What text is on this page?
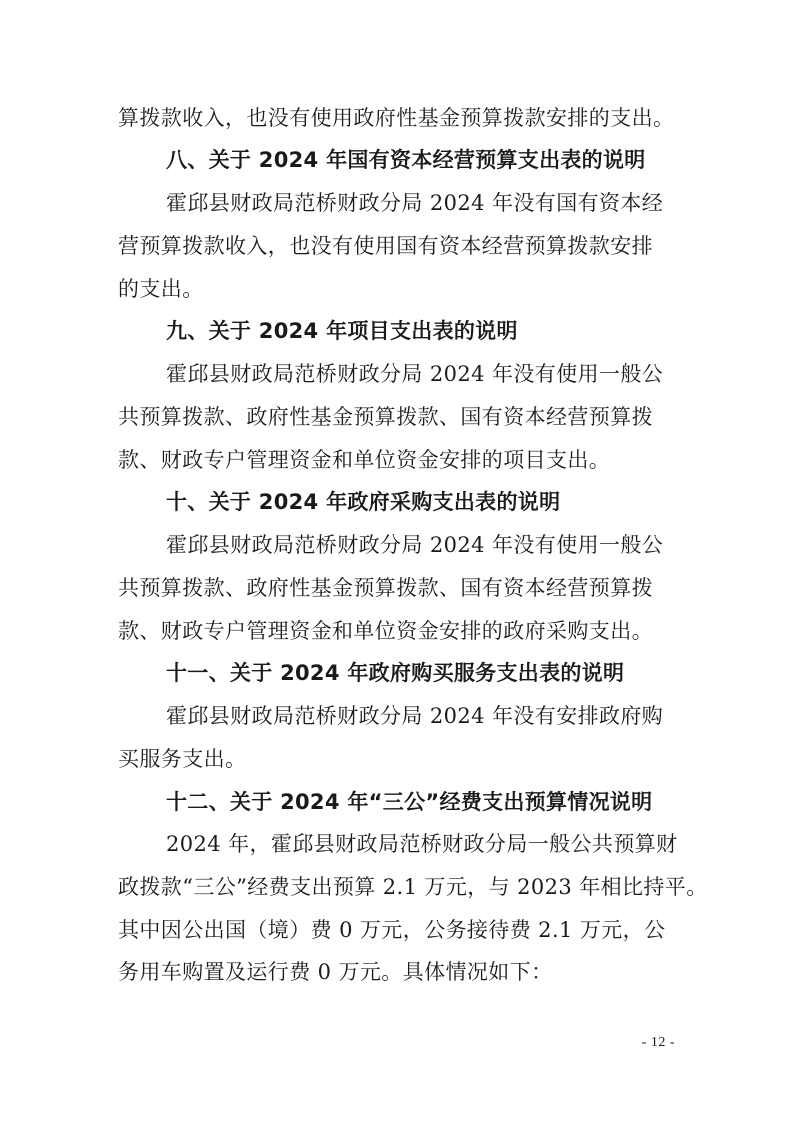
算拨款收入，也没有使用政府性基金预算拨款安排的支出。
八、关于 2024 年国有资本经营预算支出表的说明
霍邱县财政局范桥财政分局 2024 年没有国有资本经
营预算拨款收入，也没有使用国有资本经营预算拨款安排
的支出。
九、关于 2024 年项目支出表的说明
霍邱县财政局范桥财政分局 2024 年没有使用一般公
共预算拨款、政府性基金预算拨款、国有资本经营预算拨
款、财政专户管理资金和单位资金安排的项目支出。
十、关于 2024 年政府采购支出表的说明
霍邱县财政局范桥财政分局 2024 年没有使用一般公
共预算拨款、政府性基金预算拨款、国有资本经营预算拨
款、财政专户管理资金和单位资金安排的政府采购支出。
十一、关于 2024 年政府购买服务支出表的说明
霍邱县财政局范桥财政分局 2024 年没有安排政府购
买服务支出。
十二、关于 2024 年“三公”经费支出预算情况说明
2024 年，霍邱县财政局范桥财政分局一般公共预算财
政拨款“三公”经费支出预算 2.1 万元，与 2023 年相比持平。
其中因公出国（境）费 0 万元，公务接待费 2.1 万元，公
务用车购置及运行费 0 万元。具体情况如下：
- 12 -
